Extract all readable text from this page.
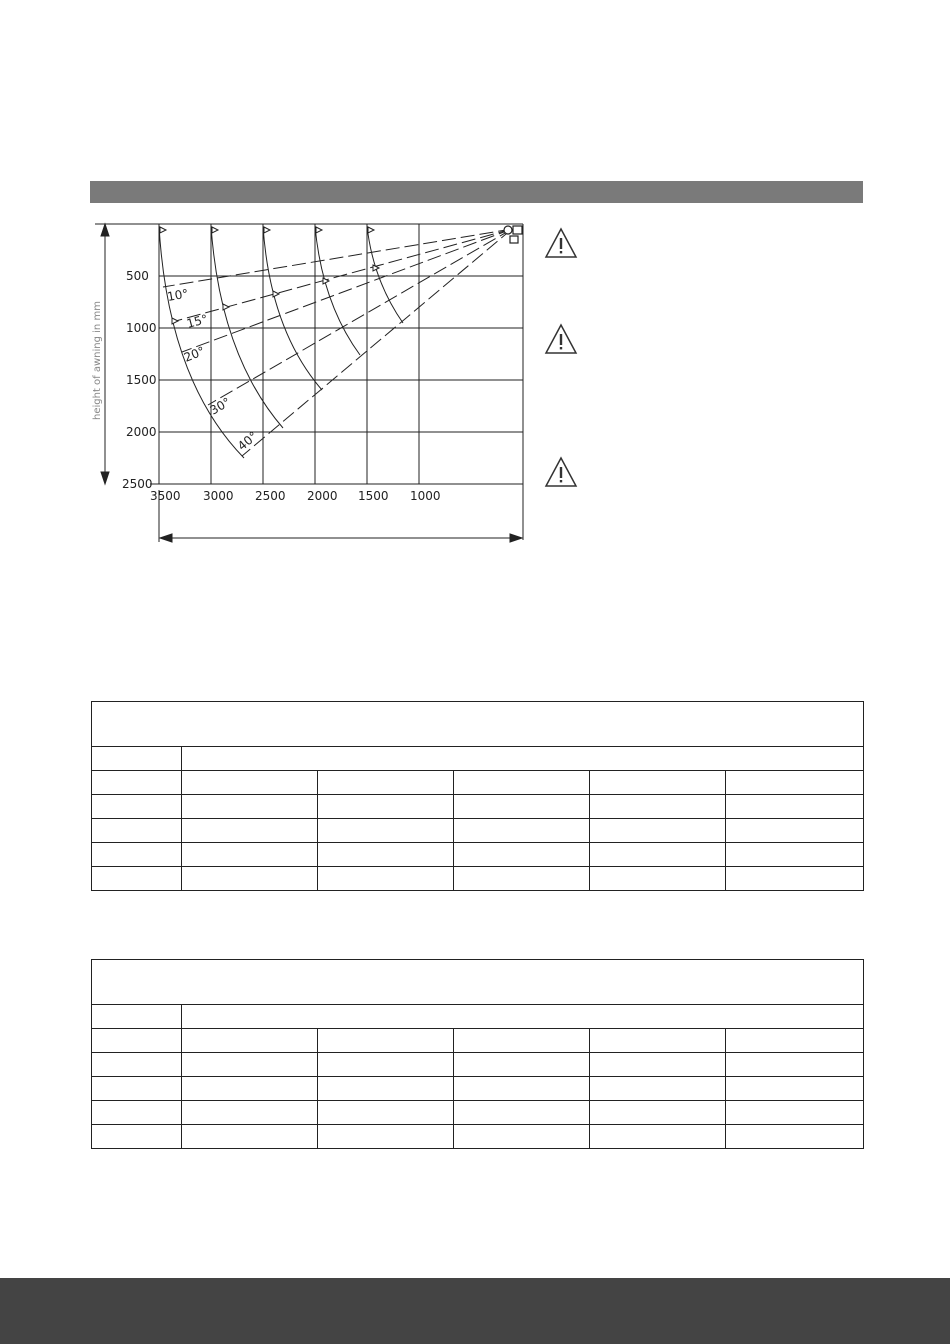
500
1000
1500
2000
2500
3500 3000 2500 2000 1500 1000
10°
15°
20°
30°
40°
height of awning in mm
